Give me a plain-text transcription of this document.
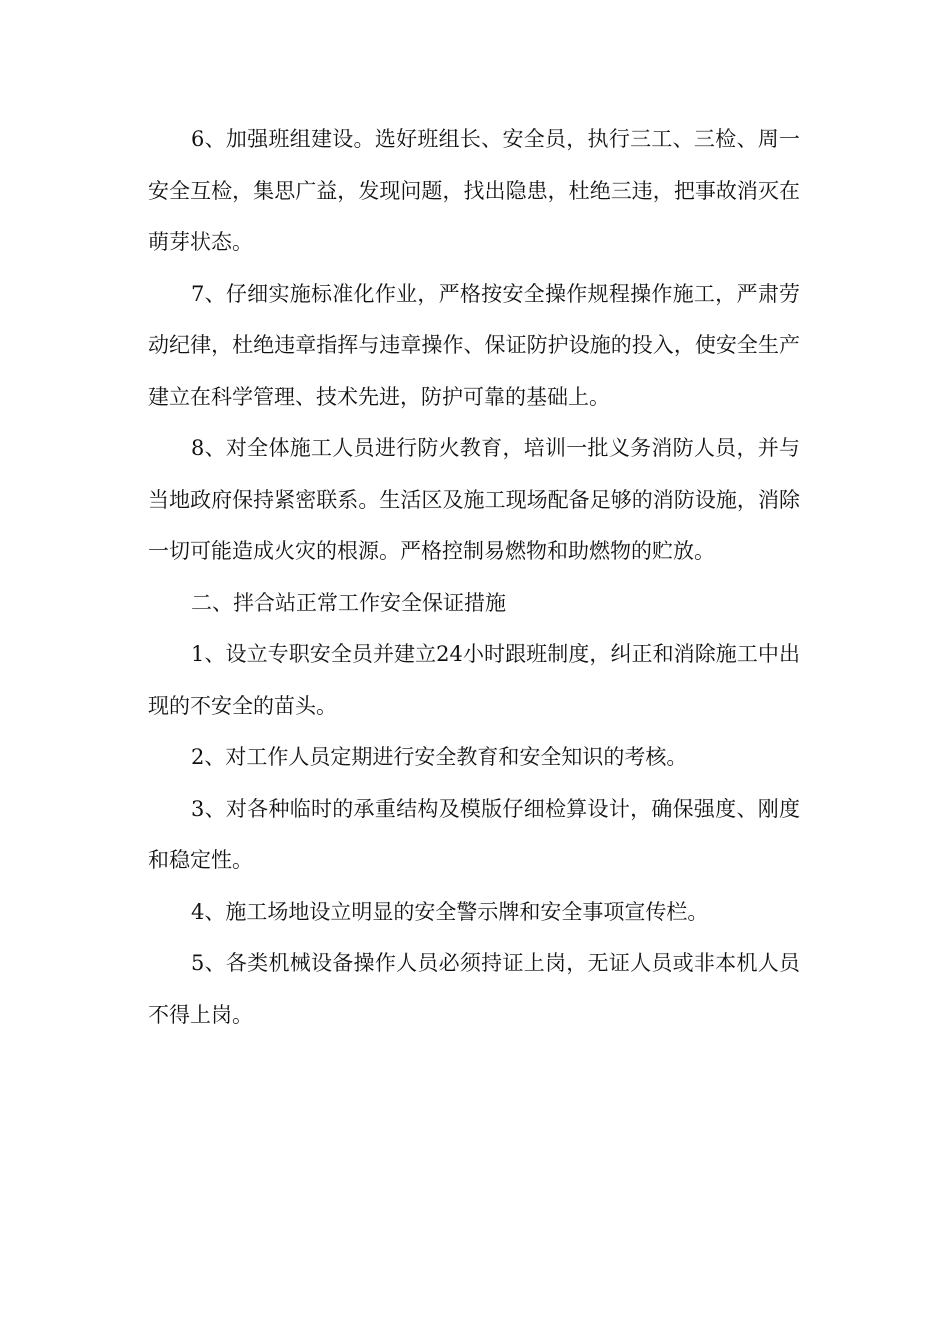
6、加强班组建设。选好班组长、安全员，执行三工、三检、周一安全互检，集思广益，发现问题，找出隐患，杜绝三违，把事故消灭在萌芽状态。

7、仔细实施标准化作业，严格按安全操作规程操作施工，严肃劳动纪律，杜绝违章指挥与违章操作、保证防护设施的投入，使安全生产建立在科学管理、技术先进，防护可靠的基础上。

8、对全体施工人员进行防火教育，培训一批义务消防人员，并与当地政府保持紧密联系。生活区及施工现场配备足够的消防设施，消除一切可能造成火灾的根源。严格控制易燃物和助燃物的贮放。

二、拌合站正常工作安全保证措施

1、设立专职安全员并建立24小时跟班制度，纠正和消除施工中出现的不安全的苗头。

2、对工作人员定期进行安全教育和安全知识的考核。

3、对各种临时的承重结构及模版仔细检算设计，确保强度、刚度和稳定性。

4、施工场地设立明显的安全警示牌和安全事项宣传栏。

5、各类机械设备操作人员必须持证上岗，无证人员或非本机人员不得上岗。
